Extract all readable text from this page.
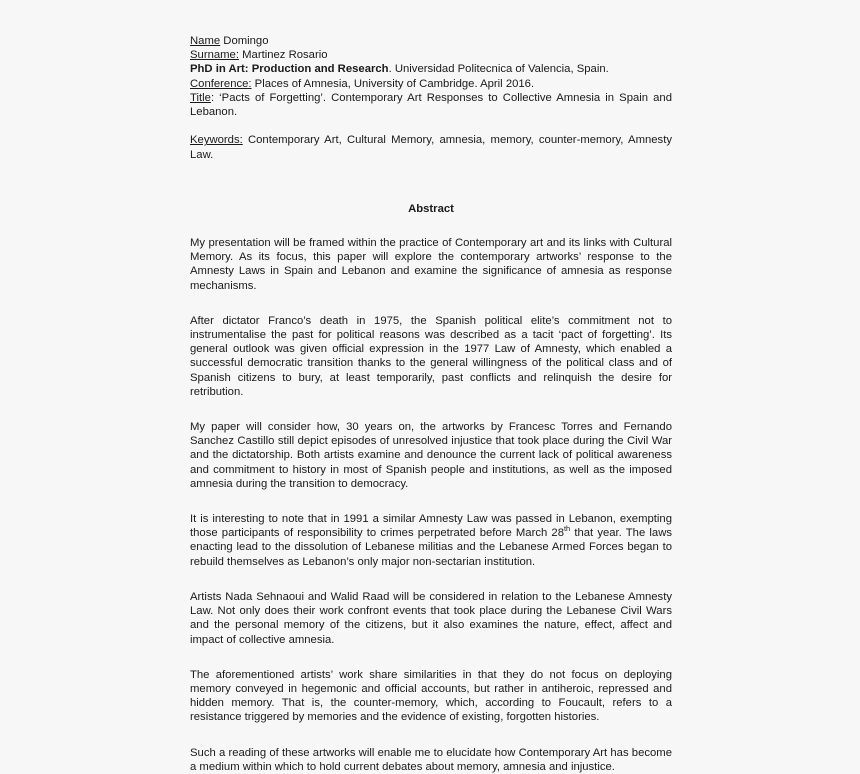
Name Domingo
Surname: Martinez Rosario
PhD in Art: Production and Research. Universidad Politecnica of Valencia, Spain.
Conference: Places of Amnesia, University of Cambridge. April 2016.
Title: ‘Pacts of Forgetting’. Contemporary Art Responses to Collective Amnesia in Spain and Lebanon.
Keywords: Contemporary Art, Cultural Memory, amnesia, memory, counter-memory, Amnesty Law.
Abstract

My presentation will be framed within the practice of Contemporary art and its links with Cultural Memory. As its focus, this paper will explore the contemporary artworks’ response to the Amnesty Laws in Spain and Lebanon and examine the significance of amnesia as response mechanisms.

After dictator Franco’s death in 1975, the Spanish political elite’s commitment not to instrumentalise the past for political reasons was described as a tacit ‘pact of forgetting’. Its general outlook was given official expression in the 1977 Law of Amnesty, which enabled a successful democratic transition thanks to the general willingness of the political class and of Spanish citizens to bury, at least temporarily, past conflicts and relinquish the desire for retribution.

My paper will consider how, 30 years on, the artworks by Francesc Torres and Fernando Sanchez Castillo still depict episodes of unresolved injustice that took place during the Civil War and the dictatorship. Both artists examine and denounce the current lack of political awareness and commitment to history in most of Spanish people and institutions, as well as the imposed amnesia during the transition to democracy.

It is interesting to note that in 1991 a similar Amnesty Law was passed in Lebanon, exempting those participants of responsibility to crimes perpetrated before March 28th that year. The laws enacting lead to the dissolution of Lebanese militias and the Lebanese Armed Forces began to rebuild themselves as Lebanon’s only major non-sectarian institution.

Artists Nada Sehnaoui and Walid Raad will be considered in relation to the Lebanese Amnesty Law. Not only does their work confront events that took place during the Lebanese Civil Wars and the personal memory of the citizens, but it also examines the nature, effect, affect and impact of collective amnesia.

The aforementioned artists’ work share similarities in that they do not focus on deploying memory conveyed in hegemonic and official accounts, but rather in antiheroic, repressed and hidden memory. That is, the counter-memory, which, according to Foucault, refers to a resistance triggered by memories and the evidence of existing, forgotten histories.

Such a reading of these artworks will enable me to elucidate how Contemporary Art has become a medium within which to hold current debates about memory, amnesia and injustice.
